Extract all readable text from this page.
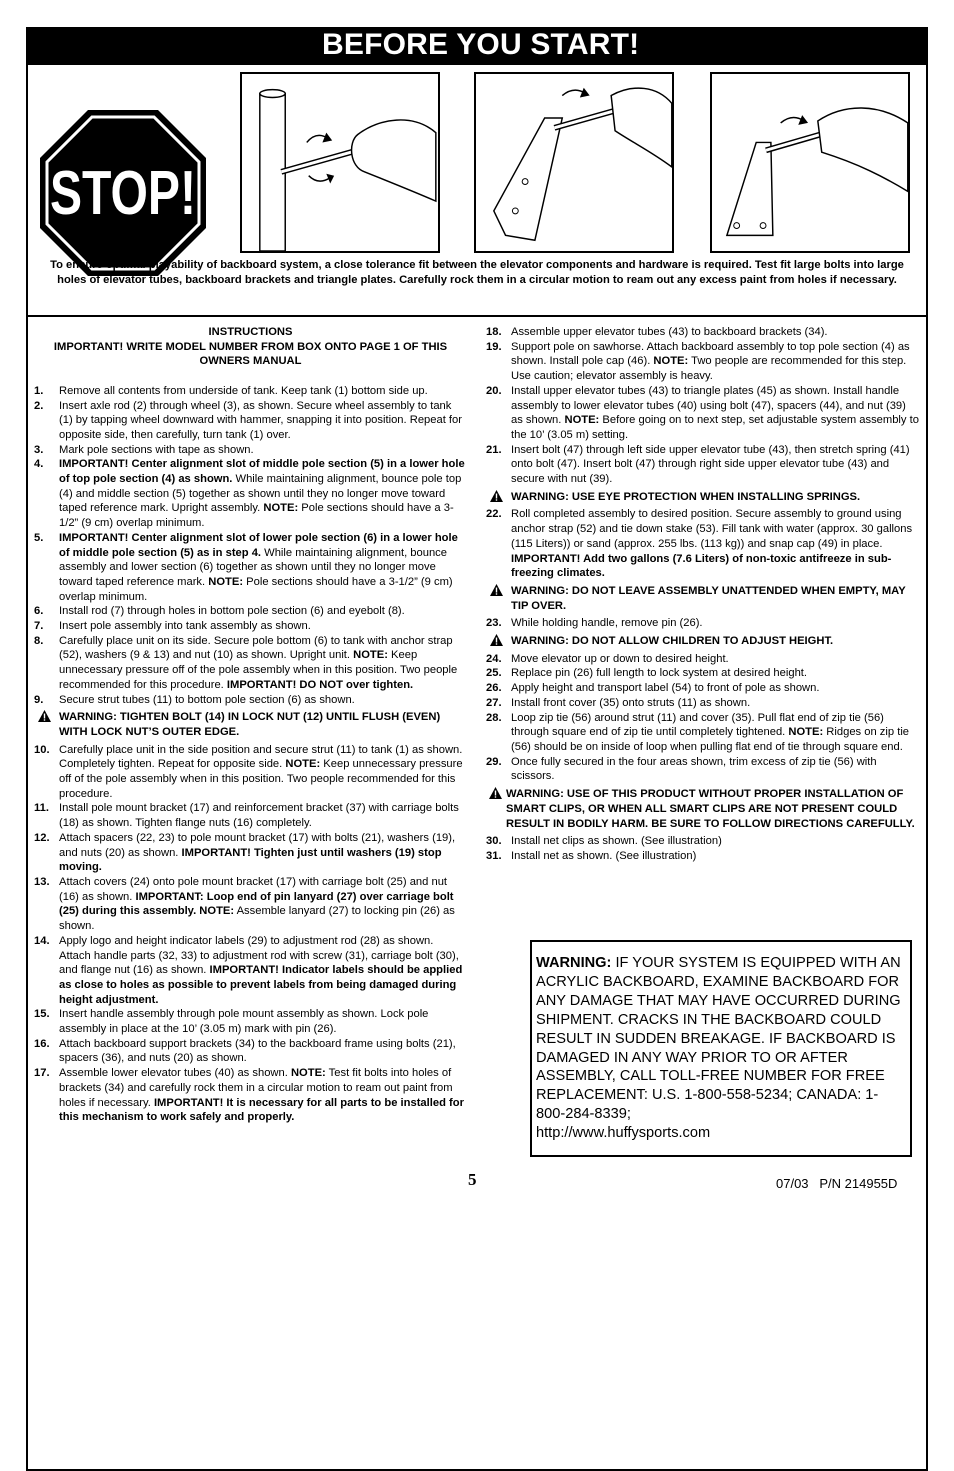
BEFORE YOU START!
STOP!
To ensure optimal playability of backboard system, a close tolerance fit between the elevator components and hardware is required. Test fit large bolts into large holes of elevator tubes, backboard brackets and triangle plates. Carefully rock them in a circular motion to ream out any excess paint from holes if necessary.
INSTRUCTIONS
IMPORTANT! WRITE MODEL NUMBER FROM BOX ONTO PAGE 1 OF THIS OWNERS MANUAL
1. Remove all contents from underside of tank. Keep tank (1) bottom side up.
2. Insert axle rod (2) through wheel (3), as shown. Secure wheel assembly to tank (1) by tapping wheel downward with hammer, snapping it into position. Repeat for opposite side, then carefully, turn tank (1) over.
3. Mark pole sections with tape as shown.
4. IMPORTANT! Center alignment slot of middle pole section (5) in a lower hole of top pole section (4) as shown. While maintaining alignment, bounce pole top (4) and middle section (5) together as shown until they no longer move toward taped reference mark. Upright assembly. NOTE: Pole sections should have a 3-1/2” (9 cm) overlap minimum.
5. IMPORTANT! Center alignment slot of lower pole section (6) in a lower hole of middle pole section (5) as in step 4. While maintaining alignment, bounce assembly and lower section (6) together as shown until they no longer move toward taped reference mark. NOTE: Pole sections should have a 3-1/2” (9 cm) overlap minimum.
6. Install rod (7) through holes in bottom pole section (6) and eyebolt (8).
7. Insert pole assembly into tank assembly as shown.
8. Carefully place unit on its side. Secure pole bottom (6) to tank with anchor strap (52), washers (9 & 13) and nut (10) as shown. Upright unit. NOTE: Keep unnecessary pressure off of the pole assembly when in this position. Two people recommended for this procedure. IMPORTANT! DO NOT over tighten.
9. Secure strut tubes (11) to bottom pole section (6) as shown.
WARNING: TIGHTEN BOLT (14) IN LOCK NUT (12) UNTIL FLUSH (EVEN) WITH LOCK NUT’S OUTER EDGE.
10. Carefully place unit in the side position and secure strut (11) to tank (1) as shown. Completely tighten. Repeat for opposite side. NOTE: Keep unnecessary pressure off of the pole assembly when in this position. Two people recommended for this procedure.
11. Install pole mount bracket (17) and reinforcement bracket (37) with carriage bolts (18) as shown. Tighten flange nuts (16) completely.
12. Attach spacers (22, 23) to pole mount bracket (17) with bolts (21), washers (19), and nuts (20) as shown. IMPORTANT! Tighten just until washers (19) stop moving.
13. Attach covers (24) onto pole mount bracket (17) with carriage bolt (25) and nut (16) as shown. IMPORTANT: Loop end of pin lanyard (27) over carriage bolt (25) during this assembly. NOTE: Assemble lanyard (27) to locking pin (26) as shown.
14. Apply logo and height indicator labels (29) to adjustment rod (28) as shown. Attach handle parts (32, 33) to adjustment rod with screw (31), carriage bolt (30), and flange nut (16) as shown. IMPORTANT! Indicator labels should be applied as close to holes as possible to prevent labels from being damaged during height adjustment.
15. Insert handle assembly through pole mount assembly as shown. Lock pole assembly in place at the 10’ (3.05 m) mark with pin (26).
16. Attach backboard support brackets (34) to the backboard frame using bolts (21), spacers (36), and nuts (20) as shown.
17. Assemble lower elevator tubes (40) as shown. NOTE: Test fit bolts into holes of brackets (34) and carefully rock them in a circular motion to ream out paint from holes if necessary. IMPORTANT! It is necessary for all parts to be installed for this mechanism to work safely and properly.
18. Assemble upper elevator tubes (43) to backboard brackets (34).
19. Support pole on sawhorse. Attach backboard assembly to top pole section (4) as shown. Install pole cap (46). NOTE: Two people are recommended for this step. Use caution; elevator assembly is heavy.
20. Install upper elevator tubes (43) to triangle plates (45) as shown. Install handle assembly to lower elevator tubes (40) using bolt (47), spacers (44), and nut (39) as shown. NOTE: Before going on to next step, set adjustable system assembly to the 10’ (3.05 m) setting.
21. Insert bolt (47) through left side upper elevator tube (43), then stretch spring (41) onto bolt (47). Insert bolt (47) through right side upper elevator tube (43) and secure with nut (39).
WARNING: USE EYE PROTECTION WHEN INSTALLING SPRINGS.
22. Roll completed assembly to desired position. Secure assembly to ground using anchor strap (52) and tie down stake (53). Fill tank with water (approx. 30 gallons (115 Liters)) or sand (approx. 255 lbs. (113 kg)) and snap cap (49) in place. IMPORTANT! Add two gallons (7.6 Liters) of non-toxic antifreeze in sub-freezing climates.
WARNING: DO NOT LEAVE ASSEMBLY UNATTENDED WHEN EMPTY, MAY TIP OVER.
23. While holding handle, remove pin (26).
WARNING: DO NOT ALLOW CHILDREN TO ADJUST HEIGHT.
24. Move elevator up or down to desired height.
25. Replace pin (26) full length to lock system at desired height.
26. Apply height and transport label (54) to front of pole as shown.
27. Install front cover (35) onto struts (11) as shown.
28. Loop zip tie (56) around strut (11) and cover (35). Pull flat end of zip tie (56) through square end of zip tie until completely tightened. NOTE: Ridges on zip tie (56) should be on inside of loop when pulling flat end of tie through square end.
29. Once fully secured in the four areas shown, trim excess of zip tie (56) with scissors.
WARNING: USE OF THIS PRODUCT WITHOUT PROPER INSTALLATION OF SMART CLIPS, OR WHEN ALL SMART CLIPS ARE NOT PRESENT COULD RESULT IN BODILY HARM. BE SURE TO FOLLOW DIRECTIONS CAREFULLY.
30. Install net clips as shown. (See illustration)
31. Install net as shown. (See illustration)
WARNING: IF YOUR SYSTEM IS EQUIPPED WITH AN ACRYLIC BACKBOARD, EXAMINE BACKBOARD FOR ANY DAMAGE THAT MAY HAVE OCCURRED DURING SHIPMENT. CRACKS IN THE BACKBOARD COULD RESULT IN SUDDEN BREAKAGE. IF BACKBOARD IS DAMAGED IN ANY WAY PRIOR TO OR AFTER ASSEMBLY, CALL TOLL-FREE NUMBER FOR FREE REPLACEMENT: U.S. 1-800-558-5234; CANADA: 1-800-284-8339;
http://www.huffysports.com
5	07/03   P/N 214955D
